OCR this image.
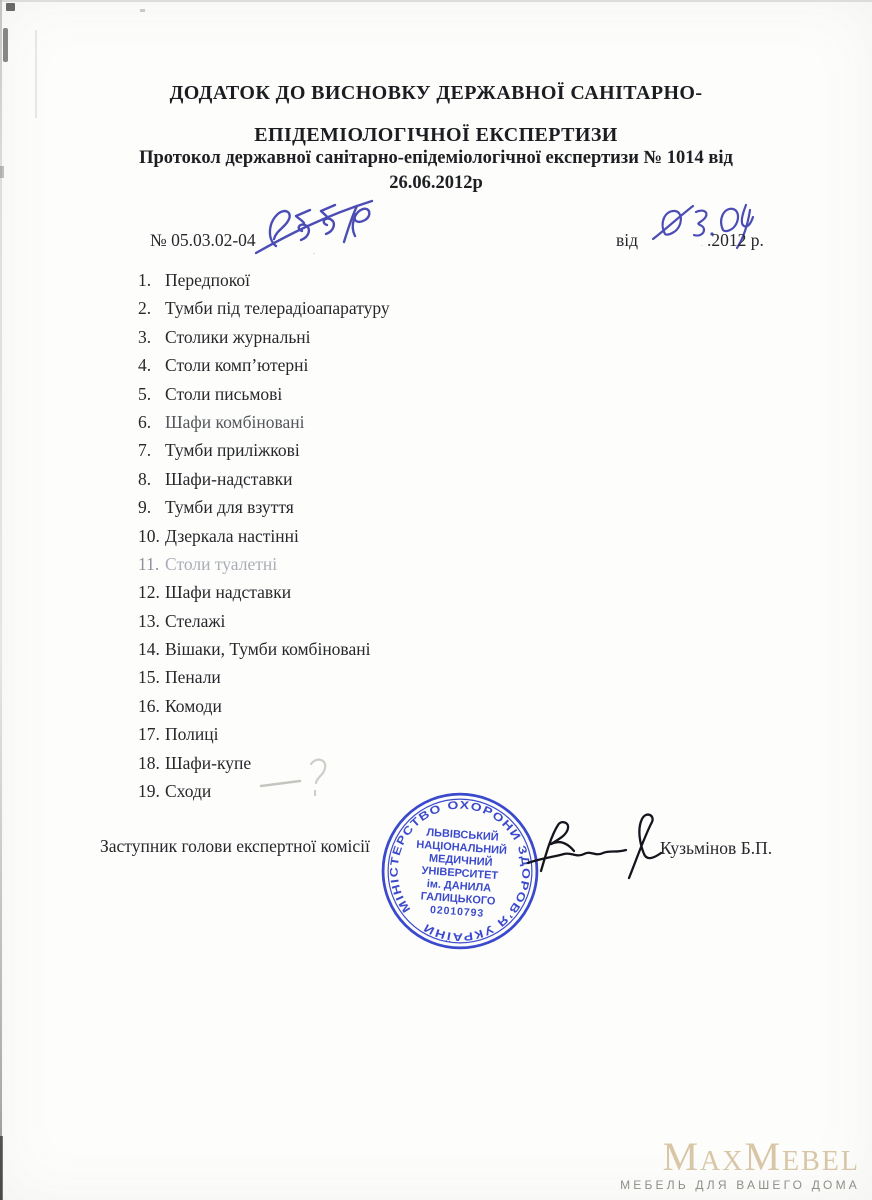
ДОДАТОК ДО ВИСНОВКУ ДЕРЖАВНОЇ САНІТАРНО-
ЕПІДЕМІОЛОГІЧНОЇ ЕКСПЕРТИЗИ
Протокол державної санітарно-епідеміологічної експертизи № 1014 від
26.06.2012р
№ 05.03.02-04
6558
від	03.04 .2012 р.
1. Передпокої
2. Тумби під телерадіоапаратуру
3. Столики журнальні
4. Столи комп’ютерні
5. Столи письмові
6. Шафи комбіновані
7. Тумби приліжкові
8. Шафи-надставки
9. Тумби для взуття
10. Дзеркала настінні
11. Столи туалетні
12. Шафи надставки
13. Стелажі
14. Вішаки, Тумби комбіновані
15. Пенали
16. Комоди
17. Полиці
18. Шафи-купе
19. Сходи
Заступник голови експертної комісії
МІНІСТЕРСТВО ОХОРОНИ ЗДОРОВ’Я УКРАЇНИ
ЛЬВІВСЬКИЙ
НАЦІОНАЛЬНИЙ
МЕДИЧНИЙ
УНІВЕРСИТЕТ
ім. ДАНИЛА
ГАЛИЦЬКОГО
02010793
Кузьмінов Б.П.
MaxMebel
МЕБЕЛЬ ДЛЯ ВАШЕГО ДОМА
